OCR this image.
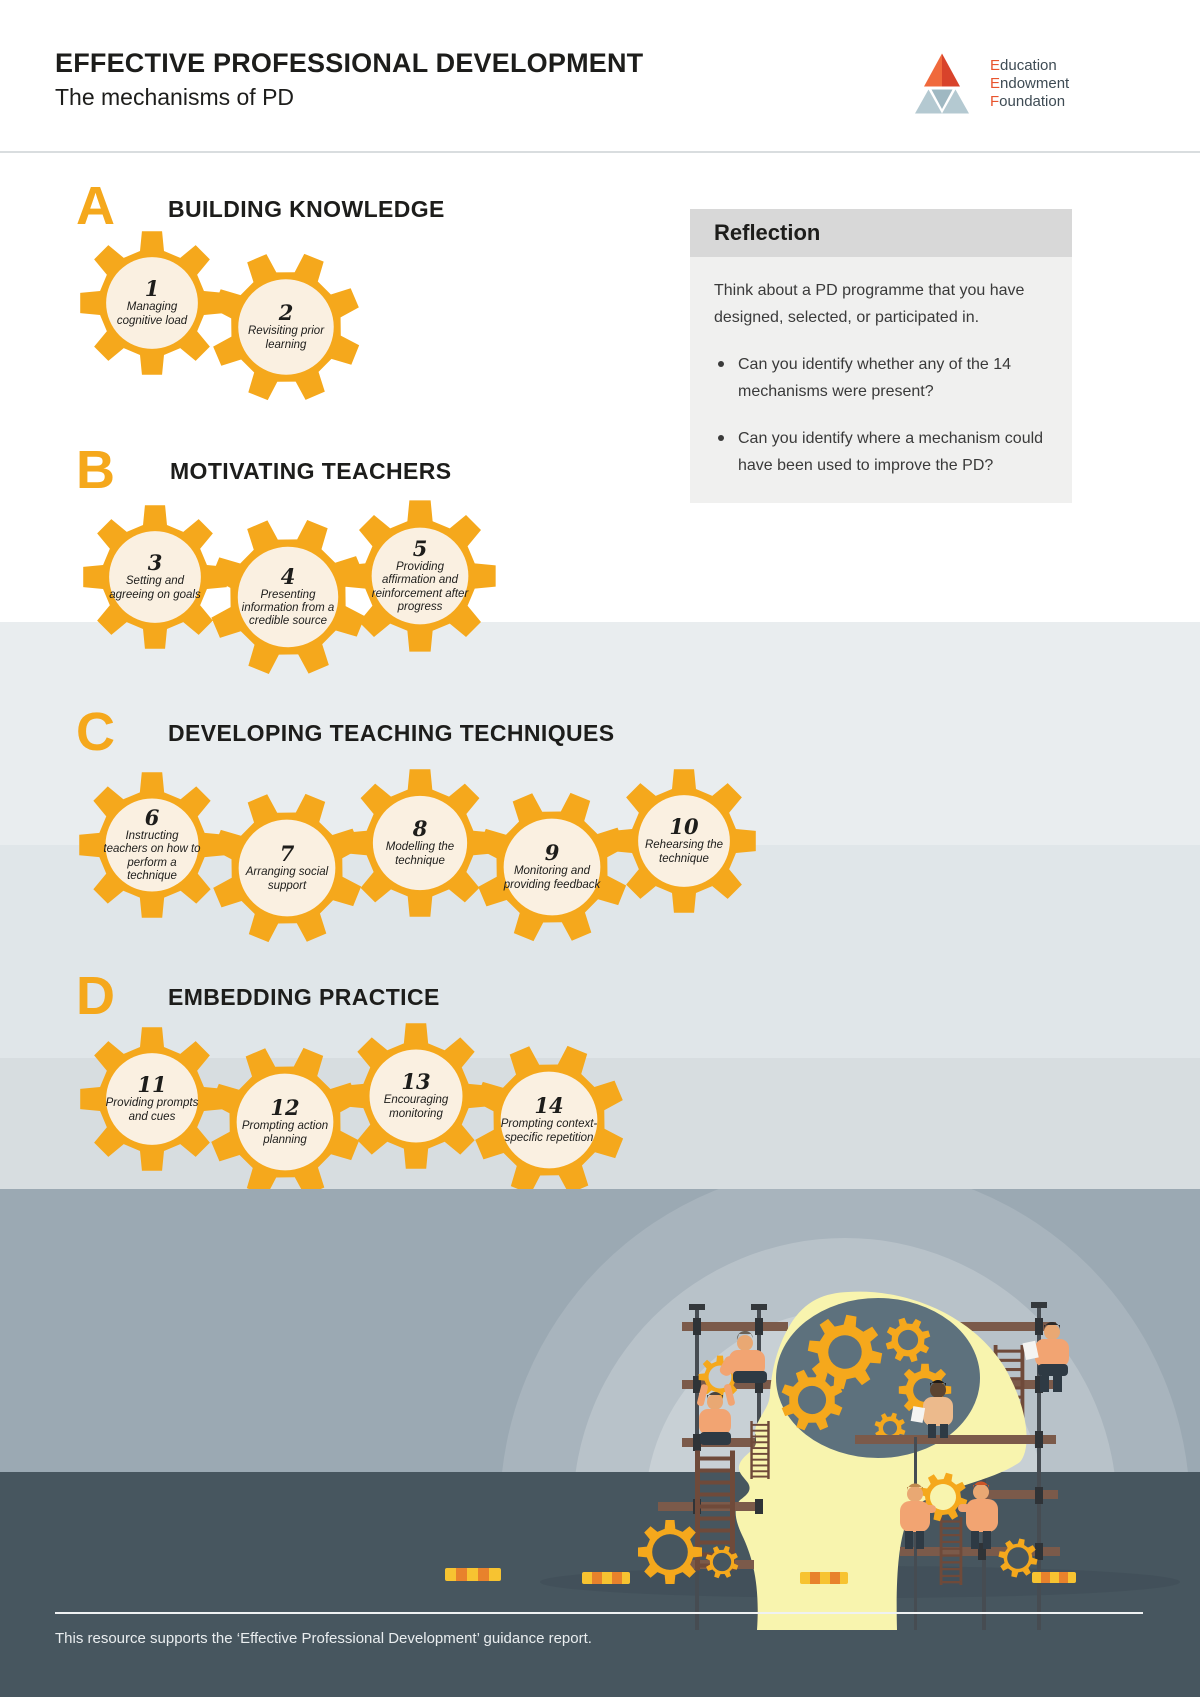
EFFECTIVE PROFESSIONAL DEVELOPMENT
The mechanisms of PD

Education

Endowment

Foundation

A BUILDING KNOWLEDGE
B MOTIVATING TEACHERS
C DEVELOPING TEACHING TECHNIQUES
D EMBEDDING PRACTICE
Reflection

Think about a PD programme that you have designed, selected, or participated in.

Can you identify whether any of the 14 mechanisms were present?
Can you identify where a mechanism could have been used to improve the PD?
1
Managing cognitive load	2
Revisiting prior learning
3
Setting and agreeing on goals
4
Presenting information from a credible source
5
Providing affirmation and reinforcement after progress
6
Instructing teachers on how to perform a technique
7
Arranging social support
8
Modelling the technique	9
Monitoring and providing feedback
10
Rehearsing the technique
11
Providing prompts and cues	12
Prompting action planning
13
Encouraging monitoring	14
Prompting context-specific repetition
This resource supports the ‘Effective Professional Development’ guidance report.
